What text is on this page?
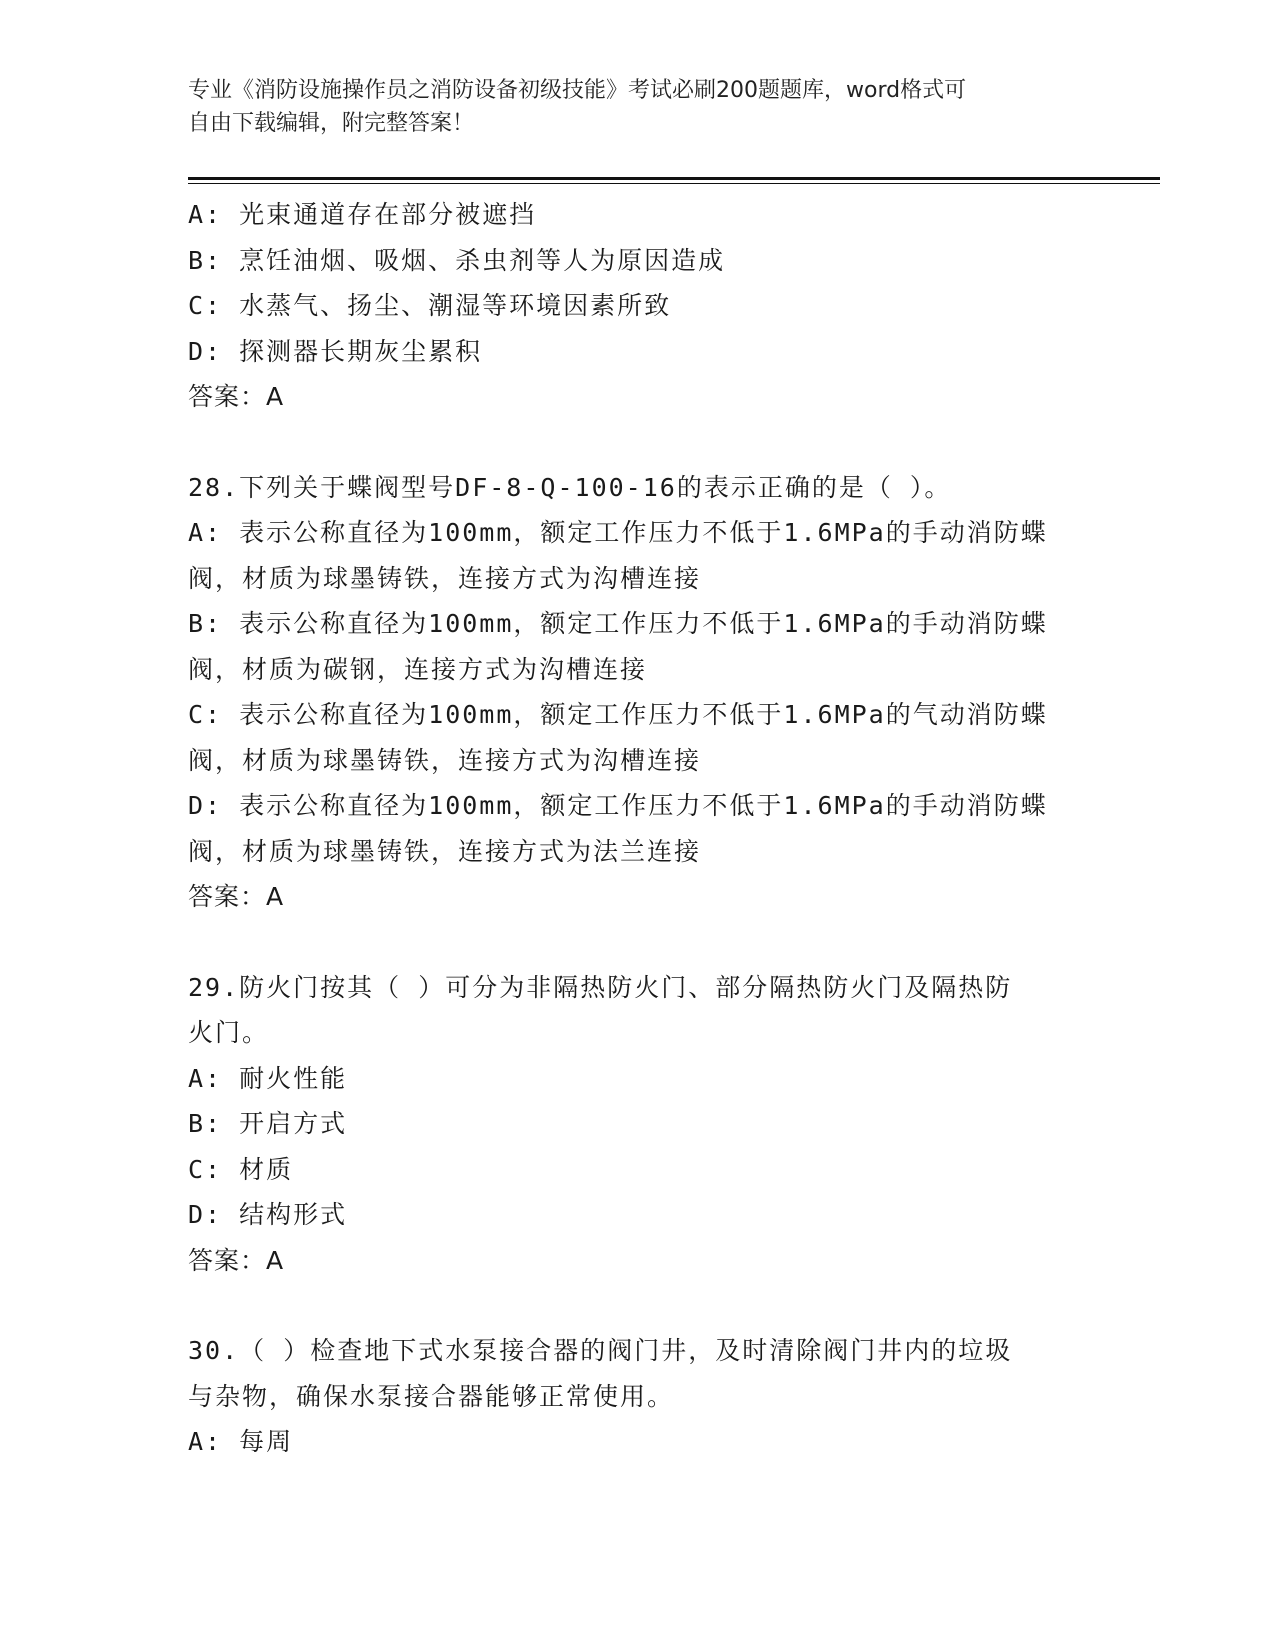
专业《消防设施操作员之消防设备初级技能》考试必刷200题题库，word格式可
自由下载编辑，附完整答案！
A: 光束通道存在部分被遮挡
B: 烹饪油烟、吸烟、杀虫剂等人为原因造成
C: 水蒸气、扬尘、潮湿等环境因素所致
D: 探测器长期灰尘累积
答案：A
28.下列关于蝶阀型号DF-8-Q-100-16的表示正确的是（ ）。
A: 表示公称直径为100mm，额定工作压力不低于1.6MPa的手动消防蝶
阀，材质为球墨铸铁，连接方式为沟槽连接
B: 表示公称直径为100mm，额定工作压力不低于1.6MPa的手动消防蝶
阀，材质为碳钢，连接方式为沟槽连接
C: 表示公称直径为100mm，额定工作压力不低于1.6MPa的气动消防蝶
阀，材质为球墨铸铁，连接方式为沟槽连接
D: 表示公称直径为100mm，额定工作压力不低于1.6MPa的手动消防蝶
阀，材质为球墨铸铁，连接方式为法兰连接
答案：A
29.防火门按其（ ）可分为非隔热防火门、部分隔热防火门及隔热防
火门。
A: 耐火性能
B: 开启方式
C: 材质
D: 结构形式
答案：A
30.（ ）检查地下式水泵接合器的阀门井，及时清除阀门井内的垃圾
与杂物，确保水泵接合器能够正常使用。
A: 每周
